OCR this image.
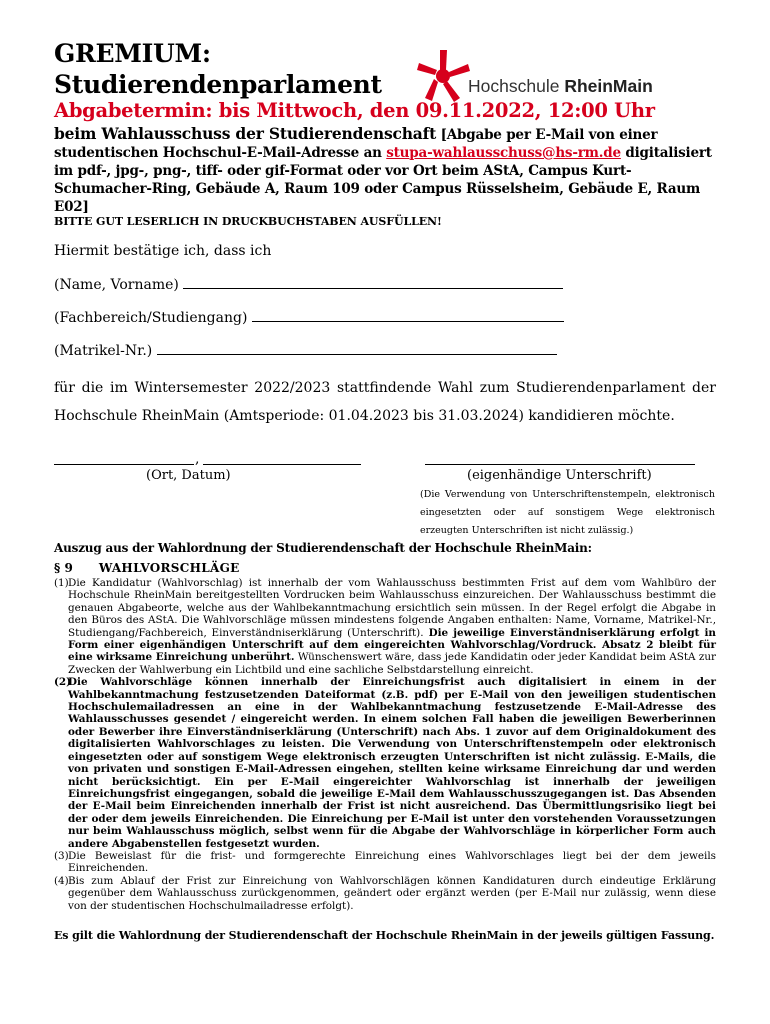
GREMIUM:
Studierendenparlament	Hochschule RheinMain
Abgabetermin: bis Mittwoch, den 09.11.2022, 12:00 Uhr
beim Wahlausschuss der Studierendenschaft [Abgabe per E-Mail von einer studentischen Hochschul-E-Mail-Adresse an stupa-wahlausschuss@hs-rm.de digitalisiert im pdf-, jpg-, png-, tiff- oder gif-Format oder vor Ort beim AStA, Campus Kurt-Schumacher-Ring, Gebäude A, Raum 109 oder Campus Rüsselsheim, Gebäude E, Raum E02]
BITTE GUT LESERLICH IN DRUCKBUCHSTABEN AUSFÜLLEN!
Hiermit bestätige ich, dass ich
(Name, Vorname)
(Fachbereich/Studiengang)
(Matrikel-Nr.)
für die im Wintersemester 2022/2023 stattfindende Wahl zum Studierendenparlament der Hochschule RheinMain (Amtsperiode: 01.04.2023 bis 31.03.2024) kandidieren möchte.
,
(Ort, Datum)	(eigenhändige Unterschrift)
(Die Verwendung von Unterschriftenstempeln, elektronisch eingesetzten oder auf sonstigem Wege elektronisch erzeugten Unterschriften ist nicht zulässig.)
Auszug aus der Wahlordnung der Studierendenschaft der Hochschule RheinMain:
§ 9 WAHLVORSCHLÄGE
(1) Die Kandidatur (Wahlvorschlag) ist innerhalb der vom Wahlausschuss bestimmten Frist auf dem vom Wahlbüro der Hochschule RheinMain bereitgestellten Vordrucken beim Wahlausschuss einzureichen. Der Wahlausschuss bestimmt die genauen Abgabeorte, welche aus der Wahlbekanntmachung ersichtlich sein müssen. In der Regel erfolgt die Abgabe in den Büros des AStA. Die Wahlvorschläge müssen mindestens folgende Angaben enthalten: Name, Vorname, Matrikel-Nr., Studiengang/Fachbereich, Einverständniserklärung (Unterschrift). Die jeweilige Einverständniserklärung erfolgt in Form einer eigenhändigen Unterschrift auf dem eingereichten Wahlvorschlag/Vordruck. Absatz 2 bleibt für eine wirksame Einreichung unberührt. Wünschenswert wäre, dass jede Kandidatin oder jeder Kandidat beim AStA zur Zwecken der Wahlwerbung ein Lichtbild und eine sachliche Selbstdarstellung einreicht.
(2)
Die Wahlvorschläge können innerhalb der Einreichungsfrist auch digitalisiert in einem in der Wahlbekanntmachung festzusetzenden Dateiformat (z.B. pdf) per E-Mail von den jeweiligen studentischen Hochschulemailadressen an eine in der Wahlbekanntmachung festzusetzende E-Mail-Adresse des Wahlausschusses gesendet / eingereicht werden. In einem solchen Fall haben die jeweiligen Bewerberinnen oder Bewerber ihre Einverständniserklärung (Unterschrift) nach Abs. 1 zuvor auf dem Originaldokument des digitalisierten Wahlvorschlages zu leisten. Die Verwendung von Unterschriftenstempeln oder elektronisch eingesetzten oder auf sonstigem Wege elektronisch erzeugten Unterschriften ist nicht zulässig. E-Mails, die von privaten und sonstigen E-Mail-Adressen eingehen, stellten keine wirksame Einreichung dar und werden nicht berücksichtigt. Ein per E-Mail eingereichter Wahlvorschlag ist innerhalb der jeweiligen Einreichungsfrist eingegangen, sobald die jeweilige E-Mail dem Wahlausschusszugegangen ist. Das Absenden der E-Mail beim Einreichenden innerhalb der Frist ist nicht ausreichend. Das Übermittlungsrisiko liegt bei der oder dem jeweils Einreichenden. Die Einreichung per E-Mail ist unter den vorstehenden Voraussetzungen nur beim Wahlausschuss möglich, selbst wenn für die Abgabe der Wahlvorschläge in körperlicher Form auch andere Abgabenstellen festgesetzt wurden.
(3) Die Beweislast für die frist- und formgerechte Einreichung eines Wahlvorschlages liegt bei der dem jeweils Einreichenden.
(4) Bis zum Ablauf der Frist zur Einreichung von Wahlvorschlägen können Kandidaturen durch eindeutige Erklärung gegenüber dem Wahlausschuss zurückgenommen, geändert oder ergänzt werden (per E-Mail nur zulässig, wenn diese von der studentischen Hochschulmailadresse erfolgt).
Es gilt die Wahlordnung der Studierendenschaft der Hochschule RheinMain in der jeweils gültigen Fassung.
